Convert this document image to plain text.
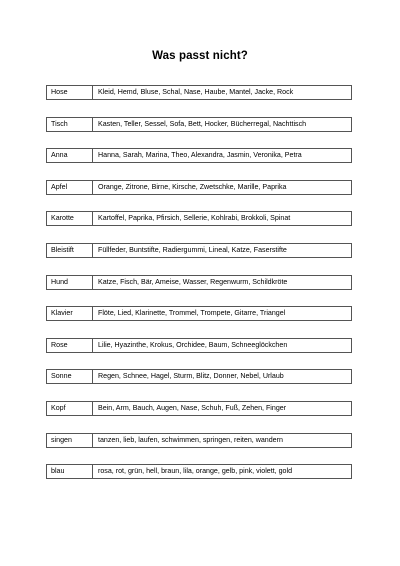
Was passt nicht?
Hose	Kleid, Hemd, Bluse, Schal, Nase, Haube, Mantel, Jacke, Rock
Tisch	Kasten, Teller, Sessel, Sofa, Bett, Hocker, Bücherregal, Nachttisch
Anna	Hanna, Sarah, Marina, Theo, Alexandra, Jasmin, Veronika, Petra
Apfel	Orange, Zitrone, Birne, Kirsche, Zwetschke, Marille, Paprika
Karotte	Kartoffel, Paprika, Pfirsich, Sellerie, Kohlrabi, Brokkoli, Spinat
Bleistift	Füllfeder, Buntstifte, Radiergummi, Lineal, Katze, Faserstifte
Hund	Katze, Fisch, Bär, Ameise, Wasser, Regenwurm, Schildkröte
Klavier	Flöte, Lied, Klarinette, Trommel, Trompete, Gitarre, Triangel
Rose	Lilie, Hyazinthe, Krokus, Orchidee, Baum, Schneeglöckchen
Sonne	Regen, Schnee, Hagel, Sturm, Blitz, Donner, Nebel, Urlaub
Kopf	Bein, Arm, Bauch, Augen, Nase, Schuh, Fuß, Zehen, Finger
singen	tanzen, lieb, laufen, schwimmen, springen, reiten, wandern
blau	rosa, rot, grün, hell, braun, lila, orange, gelb, pink, violett, gold
